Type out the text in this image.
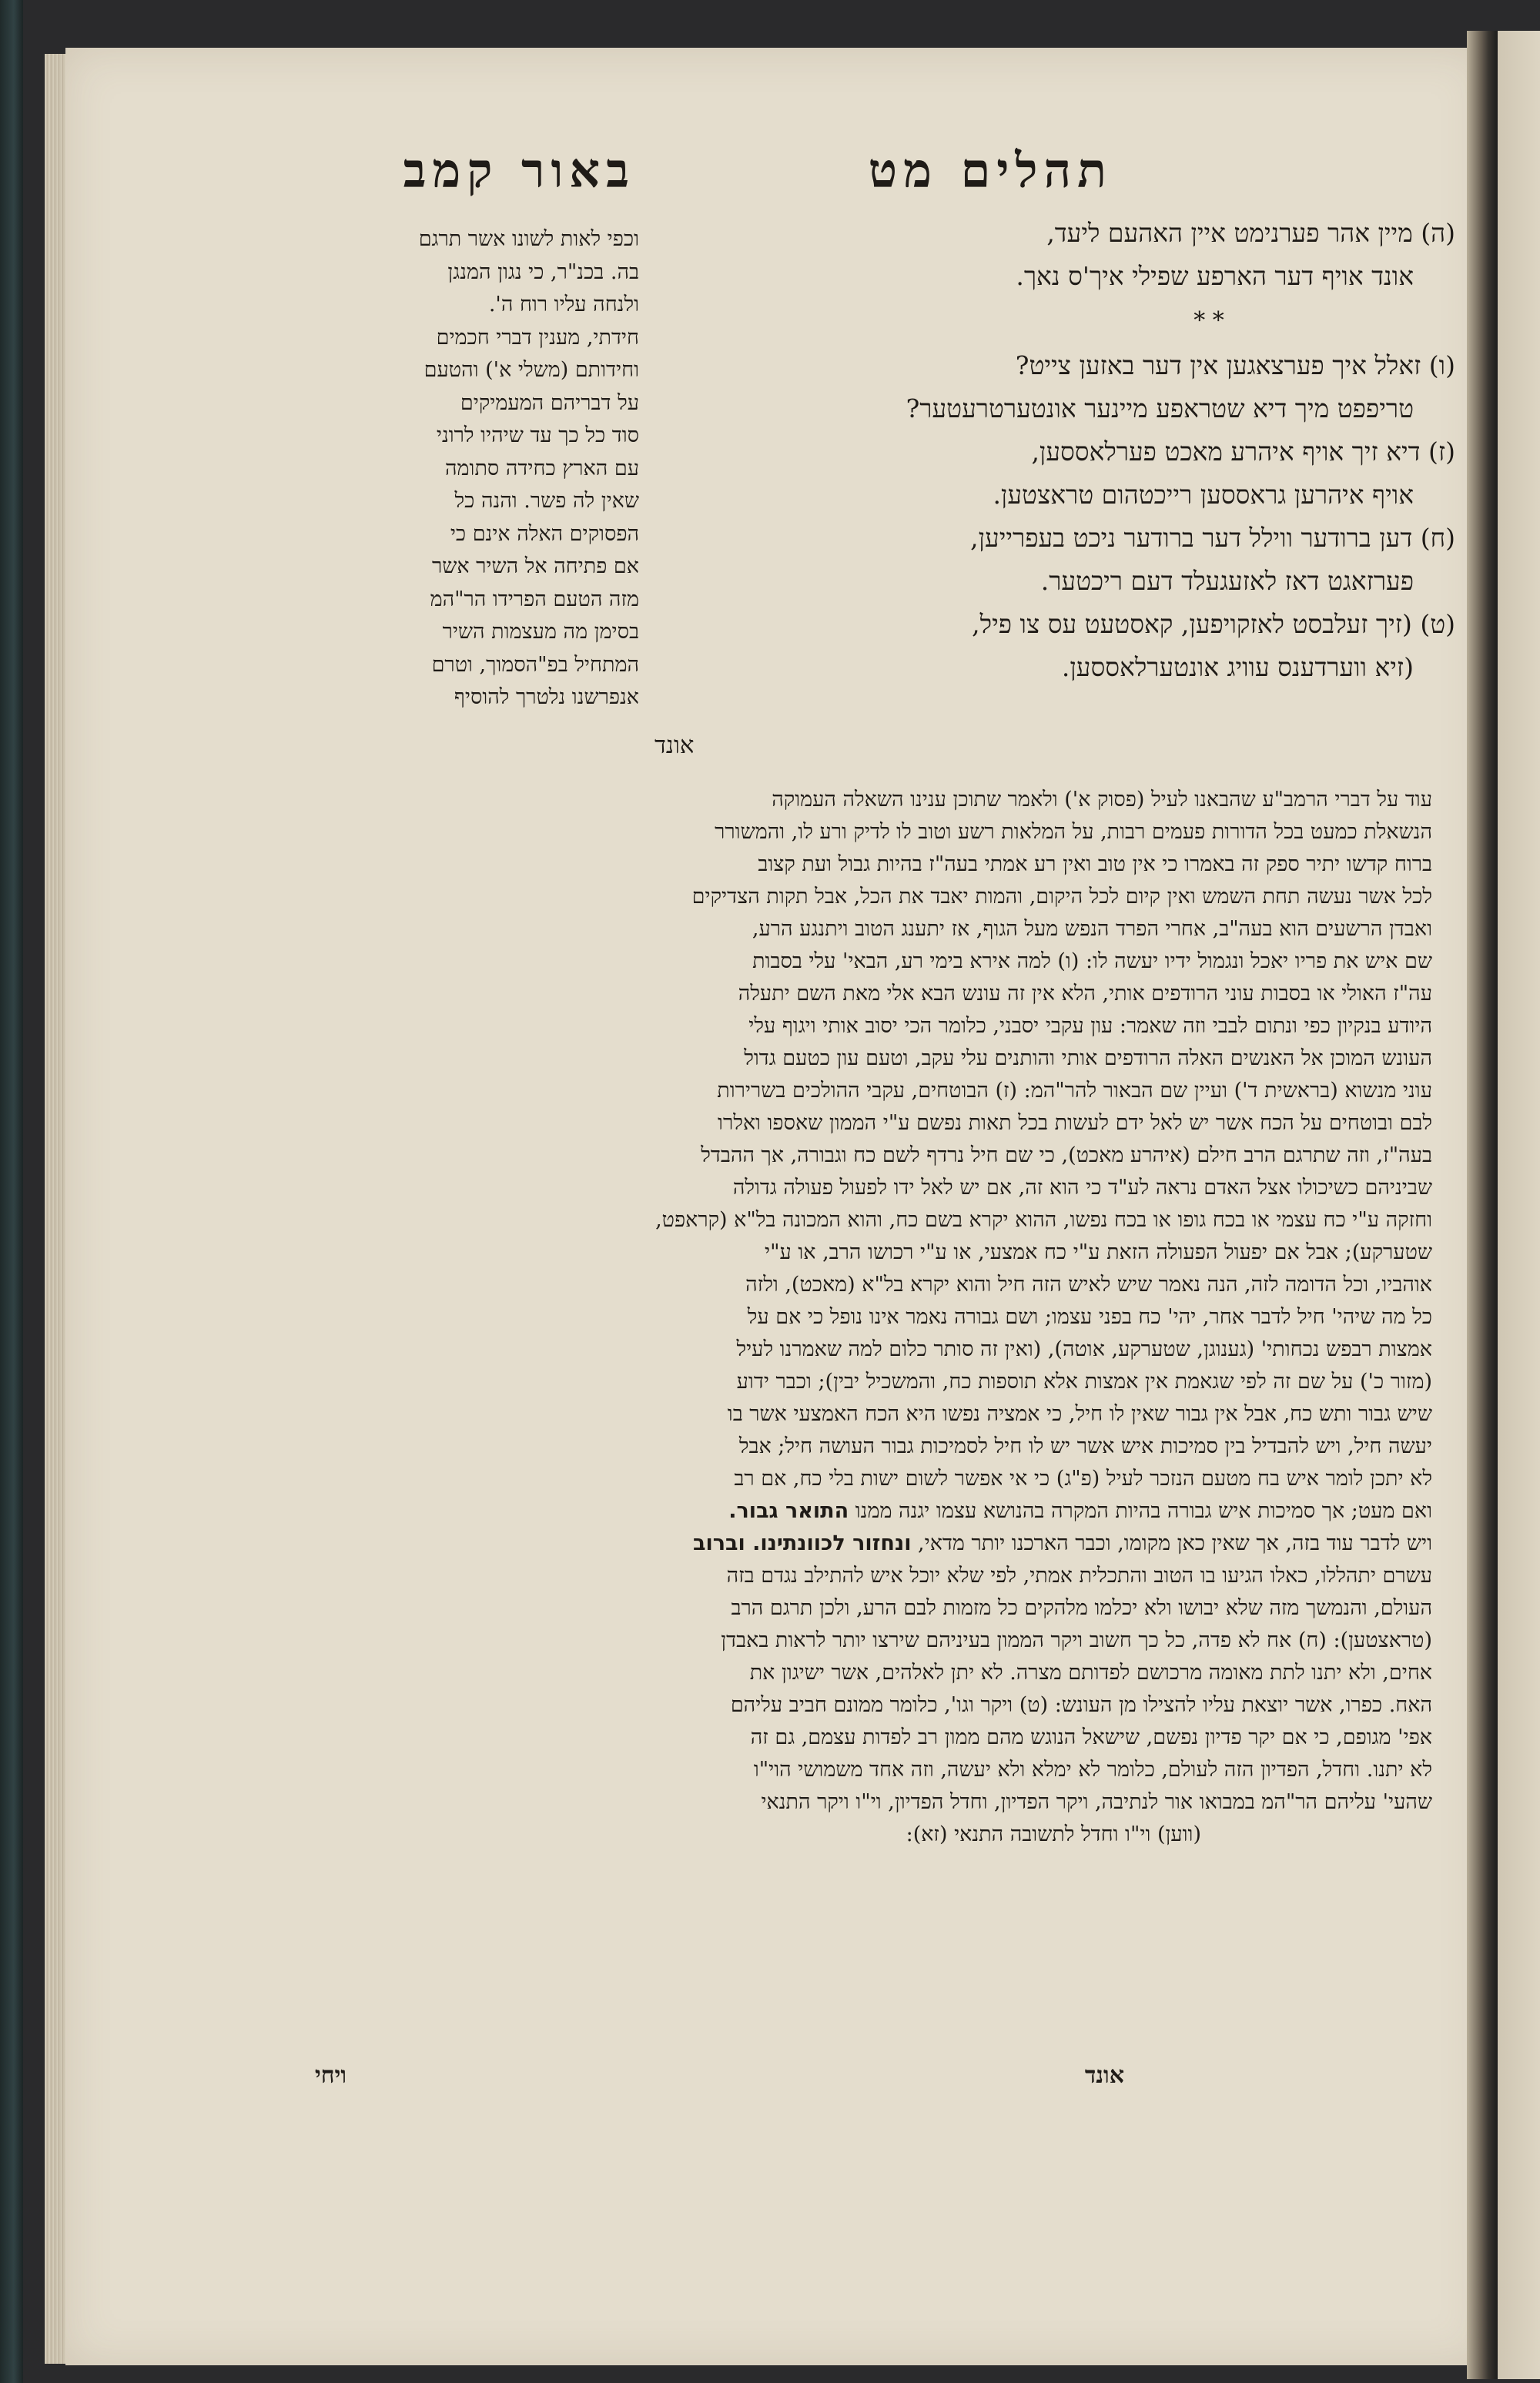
תהלים מט
באור קמב
(ה) מיין אהר פערנימט איין האהעם ליעד,
אונד אויף דער הארפע שפילי איך'ס נאך.
* *
(ו) זאלל איך פערצאגען אין דער באזען צייט?
טריפפט מיך דיא שטראפע מיינער אונטערטרעטער?
(ז) דיא זיך אויף איהרע מאכט פערלאססען,
אויף איהרען גראססען רייכטהום טראצטען.
(ח) דען ברודער ווילל דער ברודער ניכט בעפרייען,
פערזאגט דאז לאזעגעלד דעם ריכטער.
(ט) (זיך זעלבסט לאזקויפען, קאסטעט עס צו פיל,
(זיא ווערדענס עוויג אונטערלאססען.
אונד
וכפי לאות לשונו אשר תרגם
בה. בכנ"ר, כי נגון המנגן
ולנחה עליו רוח ה'.
חידתי, מענין דברי חכמים
וחידותם (משלי א') והטעם
על דבריהם המעמיקים
סוד כל כך עד שיהיו לרוני
עם הארץ כחידה סתומה
שאין לה פשר. והנה כל
הפסוקים האלה אינם כי
אם פתיחה אל השיר אשר
מזה הטעם הפרידו הר"המ
בסימן מה מעצמות השיר
המתחיל בפ"הסמוך, וטרם
אנפרשנו נלטרך להוסיף
עוד על דברי הרמב"ע שהבאנו לעיל (פסוק א') ולאמר שתוכן ענינו השאלה העמוקה
הנשאלת כמעט בכל הדורות פעמים רבות, על המלאות רשע וטוב לו לדיק ורע לו, והמשורר
ברוח קדשו יתיר ספק זה באמרו כי אין טוב ואין רע אמתי בעה"ז בהיות גבול ועת קצוב
לכל אשר נעשה תחת השמש ואין קיום לכל היקום, והמות יאבד את הכל, אבל תקות הצדיקים
ואבדן הרשעים הוא בעה"ב, אחרי הפרד הנפש מעל הגוף, אז יתענג הטוב ויתנגע הרע,
שם איש את פריו יאכל ונגמול ידיו יעשה לו: (ו) למה אירא בימי רע, הבאי' עלי בסבות
עה"ז האולי או בסבות עוני הרודפים אותי, הלא אין זה עונש הבא אלי מאת השם יתעלה
היודע בנקיון כפי ונתום לבבי וזה שאמר: עון עקבי יסבני, כלומר הכי יסוב אותי ויגוף עלי
העונש המוכן אל האנשים האלה הרודפים אותי והותנים עלי עקב, וטעם עון כטעם גדול
עוני מנשוא (בראשית ד') ועיין שם הבאור להר"המ: (ז) הבוטחים, עקבי ההולכים בשרירות
לבם ובוטחים על הכח אשר יש לאל ידם לעשות בכל תאות נפשם ע"י הממון שאספו ואלרו
בעה"ז, וזה שתרגם הרב חילם (איהרע מאכט), כי שם חיל נרדף לשם כח וגבורה, אך ההבדל
שביניהם כשיכולו אצל האדם נראה לע"ד כי הוא זה, אם יש לאל ידו לפעול פעולה גדולה
וחזקה ע"י כח עצמי או בכח גופו או בכח נפשו, ההוא יקרא בשם כח, והוא המכונה בל"א (קראפט,
שטערקע); אבל אם יפעול הפעולה הזאת ע"י כח אמצעי, או ע"י רכושו הרב, או ע"י
אוהביו, וכל הדומה לזה, הנה נאמר שיש לאיש הזה חיל והוא יקרא בל"א (מאכט), ולזה
כל מה שיהי' חיל לדבר אחר, יהי' כח בפני עצמו; ושם גבורה נאמר אינו נופל כי אם על
אמצות רבפש נכחותי' (גענוגן, שטערקע, אוטה), (ואין זה סותר כלום למה שאמרנו לעיל
(מזור כ') על שם זה לפי שגאמת אין אמצות אלא תוספות כח, והמשכיל יבין); וכבר ידוע
שיש גבור ותש כח, אבל אין גבור שאין לו חיל, כי אמציה נפשו היא הכח האמצעי אשר בו
יעשה חיל, ויש להבדיל בין סמיכות איש אשר יש לו חיל לסמיכות גבור העושה חיל; אבל
לא יתכן לומר איש בח מטעם הנזכר לעיל (פ"ג) כי אי אפשר לשום ישות בלי כח, אם רב
ואם מעט; אך סמיכות איש גבורה בהיות המקרה בהנושא עצמו יגנה ממנו התואר גבור.
ויש לדבר עוד בזה, אך שאין כאן מקומו, וכבר הארכנו יותר מדאי, ונחזור לכוונתינו. וברוב
עשרם יתהללו, כאלו הגיעו בו הטוב והתכלית אמתי, לפי שלא יוכל איש להתילב נגדם בזה
העולם, והנמשך מזה שלא יבושו ולא יכלמו מלהקים כל מזמות לבם הרע, ולכן תרגם הרב
(טראצטען): (ח) אח לא פדה, כל כך חשוב ויקר הממון בעיניהם שירצו יותר לראות באבדן
אחים, ולא יתנו לתת מאומה מרכושם לפדותם מצרה. לא יתן לאלהים, אשר ישיגון את
האח. כפרו, אשר יוצאת עליו להצילו מן העונש: (ט) ויקר וגו', כלומר ממונם חביב עליהם
אפי' מגופם, כי אם יקר פדיון נפשם, שישאל הנוגש מהם ממון רב לפדות עצמם, גם זה
לא יתנו. וחדל, הפדיון הזה לעולם, כלומר לא ימלא ולא יעשה, וזה אחד משמושי הוי"ו
שהעי' עליהם הר"המ במבואו אור לנתיבה, ויקר הפדיון, וחדל הפדיון, וי"ו ויקר התנאי
(ווען) וי"ו וחדל לתשובה התנאי (זא):
אונד
ויחי
